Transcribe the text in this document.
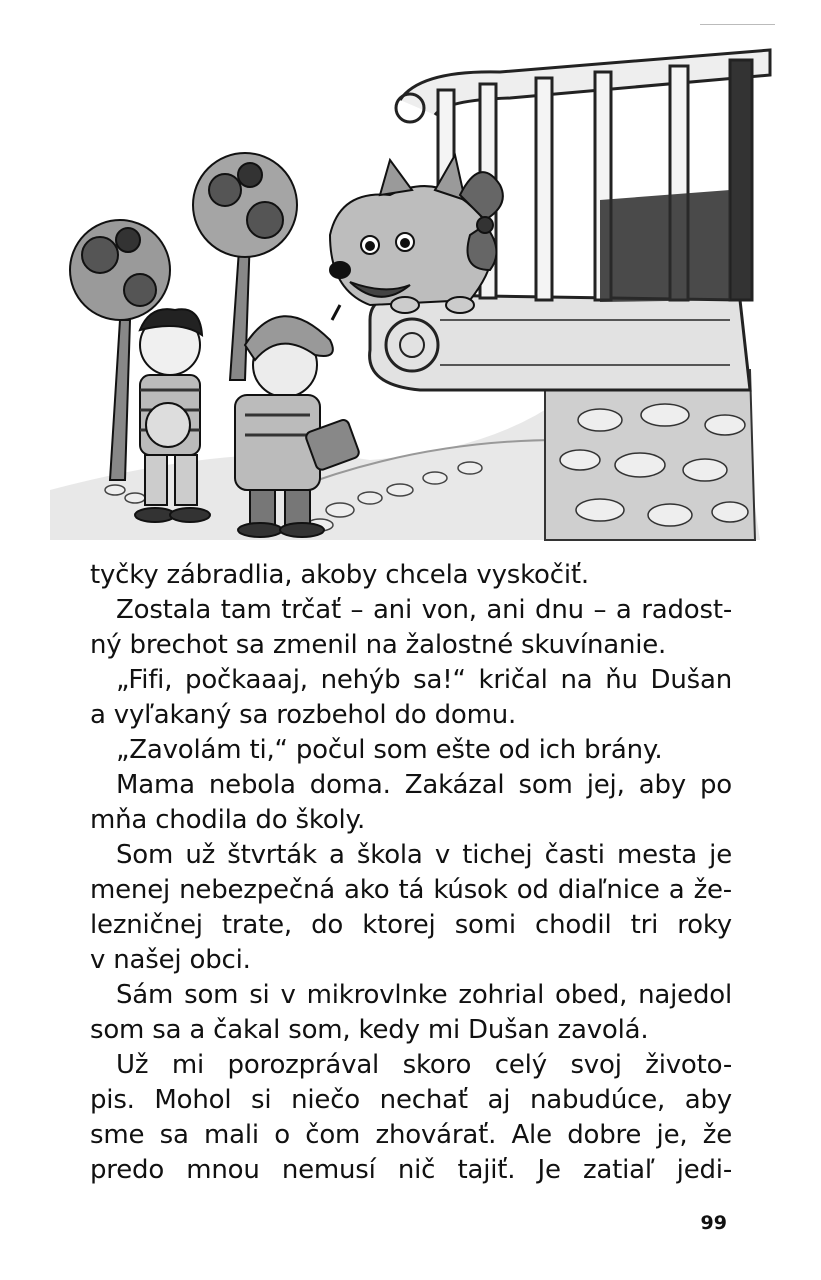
tyčky zábradlia, akoby chcela vyskočiť.
Zostala tam trčať – ani von, ani dnu – a radost-
ný brechot sa zmenil na žalostné skuvínanie.
„Fifi, počkaaaj, nehýb sa!“ kričal na ňu Dušan
a vyľakaný sa rozbehol do domu.
„Zavolám ti,“ počul som ešte od ich brány.
Mama nebola doma. Zakázal som jej, aby po
mňa chodila do školy.
Som už štvrták a škola v tichej časti mesta je
menej nebezpečná ako tá kúsok od diaľnice a že-
lezničnej trate, do ktorej somi chodil tri roky
v našej obci.
Sám som si v mikrovlnke zohrial obed, najedol
som sa a čakal som, kedy mi Dušan zavolá.
Už mi porozprával skoro celý svoj životo-
pis. Mohol si niečo nechať aj nabudúce, aby
sme sa mali o čom zhovárať. Ale dobre je, že
predo mnou nemusí nič tajiť. Je zatiaľ jedi-
99
